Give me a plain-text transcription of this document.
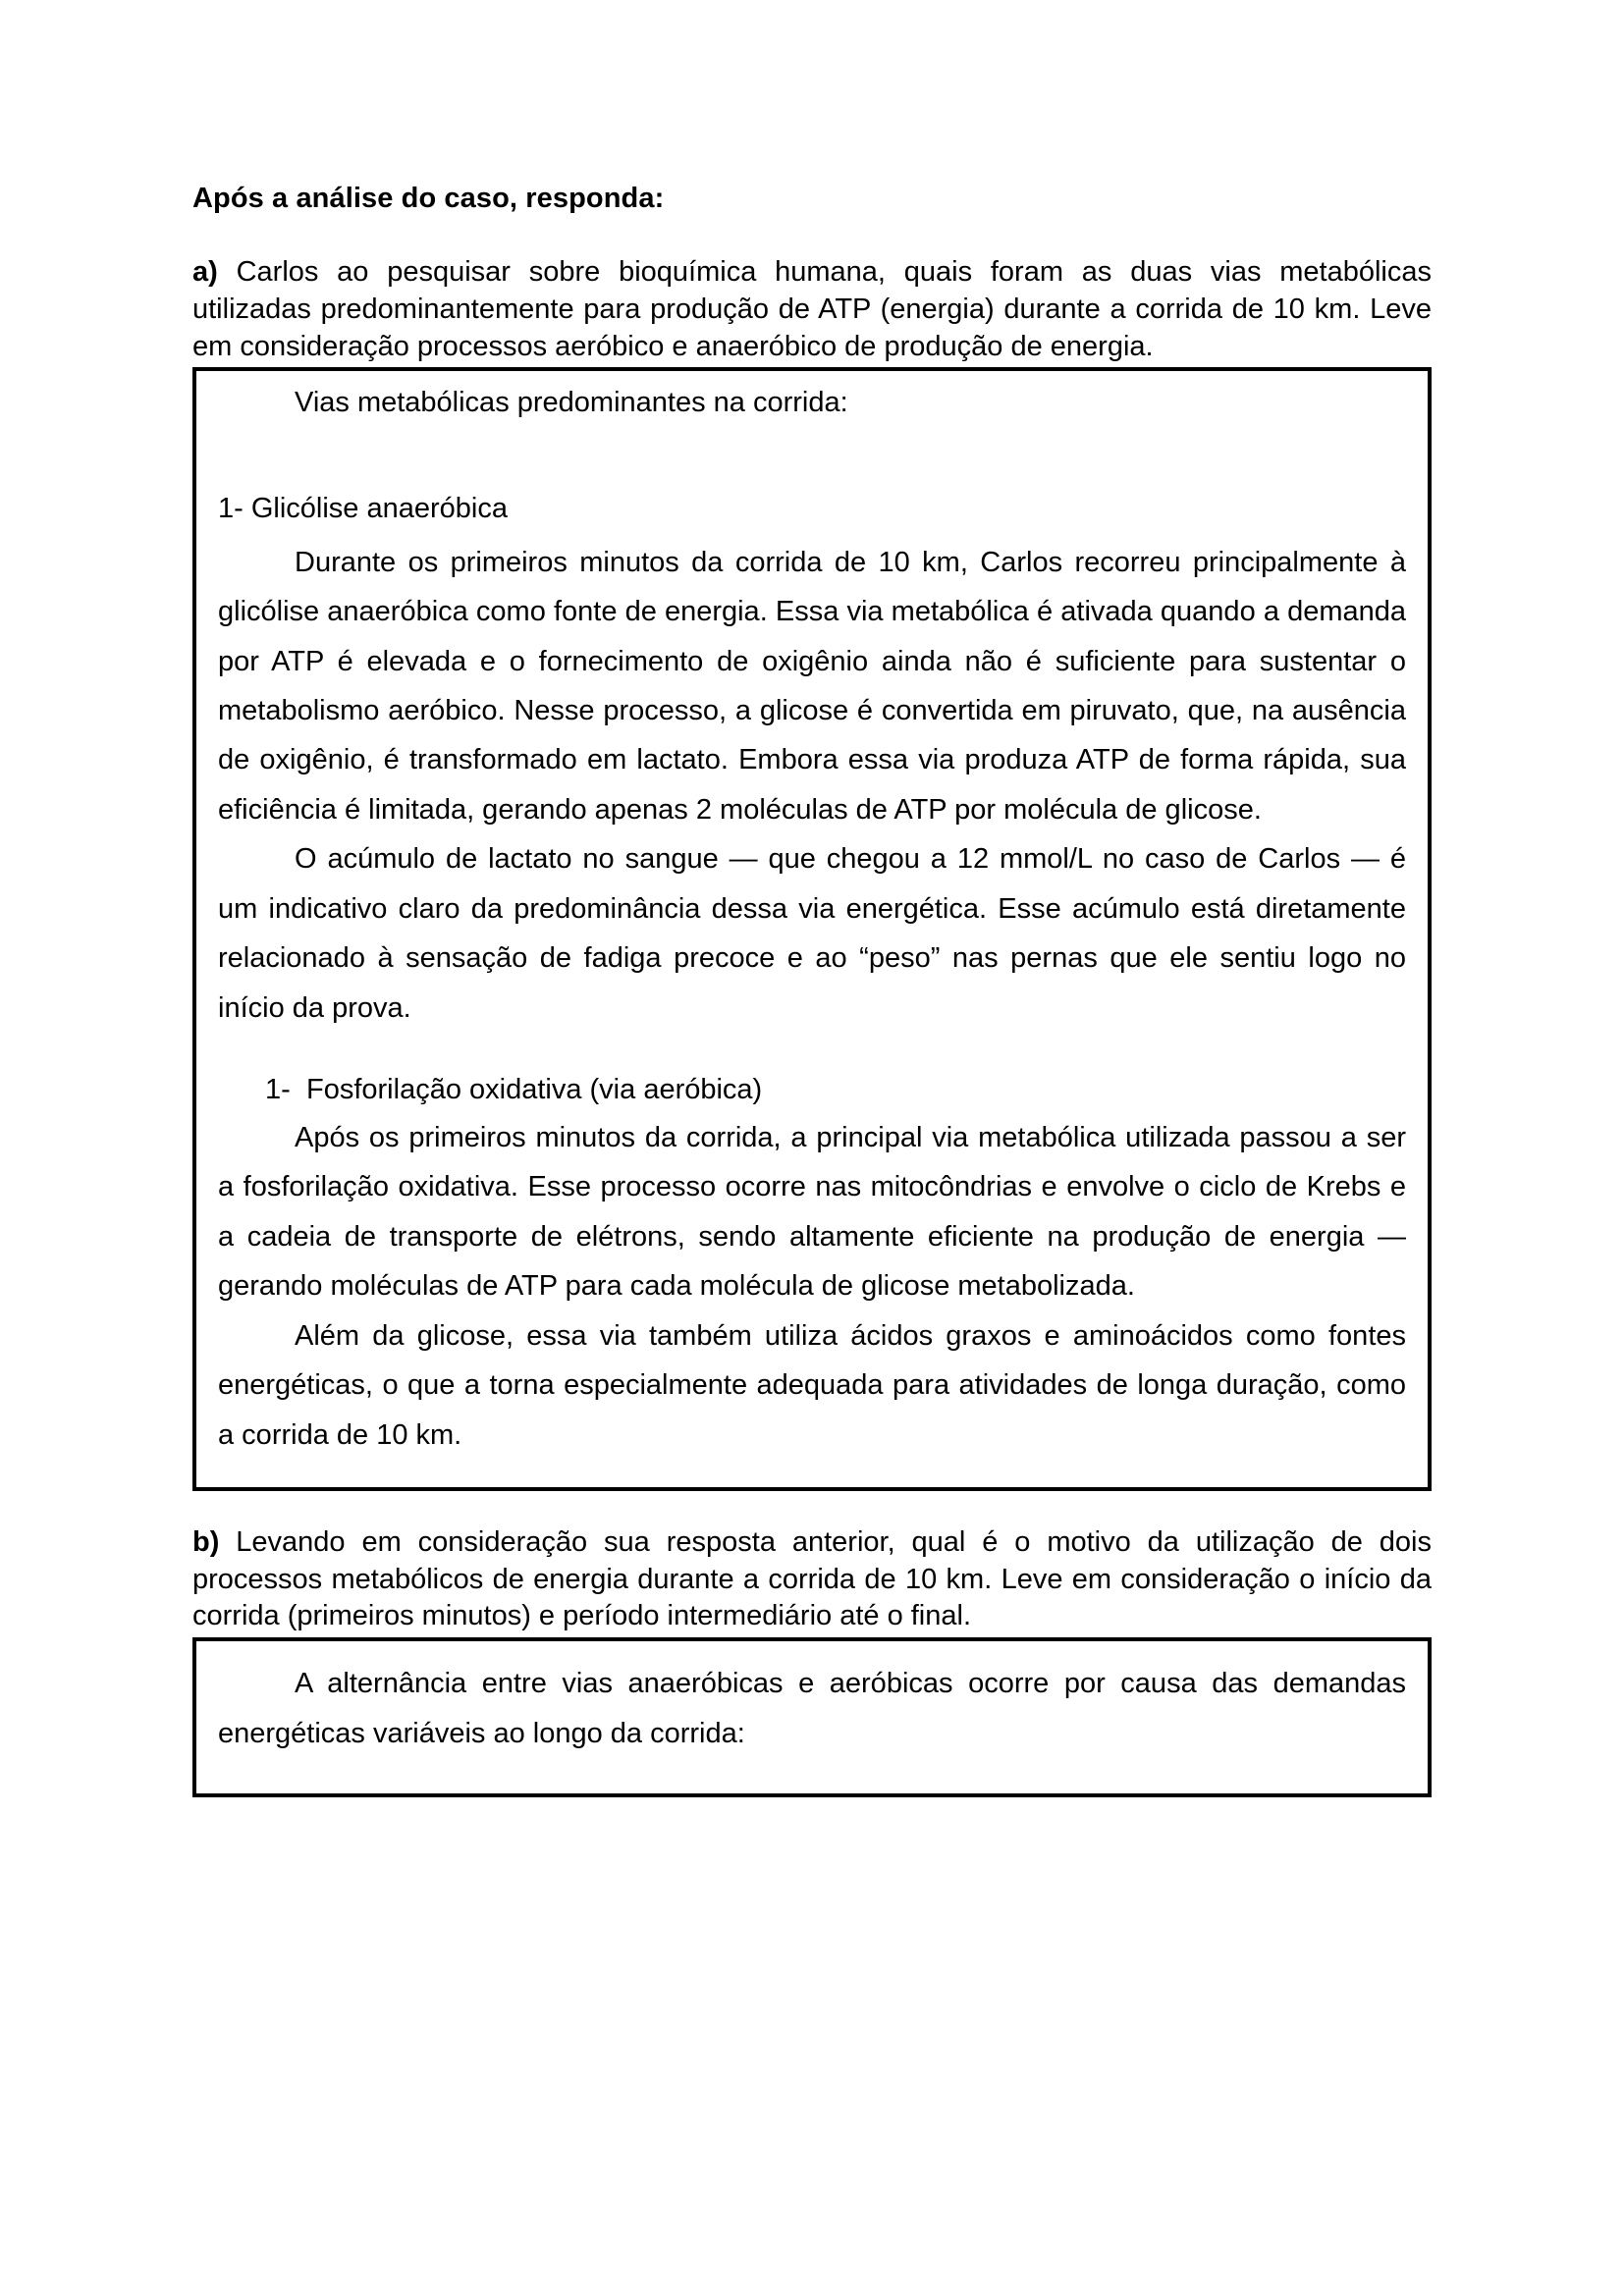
Após a análise do caso, responda:

a) Carlos ao pesquisar sobre bioquímica humana, quais foram as duas vias metabólicas utilizadas predominantemente para produção de ATP (energia) durante a corrida de 10 km. Leve em consideração processos aeróbico e anaeróbico de produção de energia.

Vias metabólicas predominantes na corrida:

1- Glicólise anaeróbica

Durante os primeiros minutos da corrida de 10 km, Carlos recorreu principalmente à glicólise anaeróbica como fonte de energia. Essa via metabólica é ativada quando a demanda por ATP é elevada e o fornecimento de oxigênio ainda não é suficiente para sustentar o metabolismo aeróbico. Nesse processo, a glicose é convertida em piruvato, que, na ausência de oxigênio, é transformado em lactato. Embora essa via produza ATP de forma rápida, sua eficiência é limitada, gerando apenas 2 moléculas de ATP por molécula de glicose.

O acúmulo de lactato no sangue — que chegou a 12 mmol/L no caso de Carlos — é um indicativo claro da predominância dessa via energética. Esse acúmulo está diretamente relacionado à sensação de fadiga precoce e ao “peso” nas pernas que ele sentiu logo no início da prova.

1- Fosforilação oxidativa (via aeróbica)

Após os primeiros minutos da corrida, a principal via metabólica utilizada passou a ser a fosforilação oxidativa. Esse processo ocorre nas mitocôndrias e envolve o ciclo de Krebs e a cadeia de transporte de elétrons, sendo altamente eficiente na produção de energia — gerando moléculas de ATP para cada molécula de glicose metabolizada.

Além da glicose, essa via também utiliza ácidos graxos e aminoácidos como fontes energéticas, o que a torna especialmente adequada para atividades de longa duração, como a corrida de 10 km.

b) Levando em consideração sua resposta anterior, qual é o motivo da utilização de dois processos metabólicos de energia durante a corrida de 10 km. Leve em consideração o início da corrida (primeiros minutos) e período intermediário até o final.

A alternância entre vias anaeróbicas e aeróbicas ocorre por causa das demandas energéticas variáveis ao longo da corrida:
